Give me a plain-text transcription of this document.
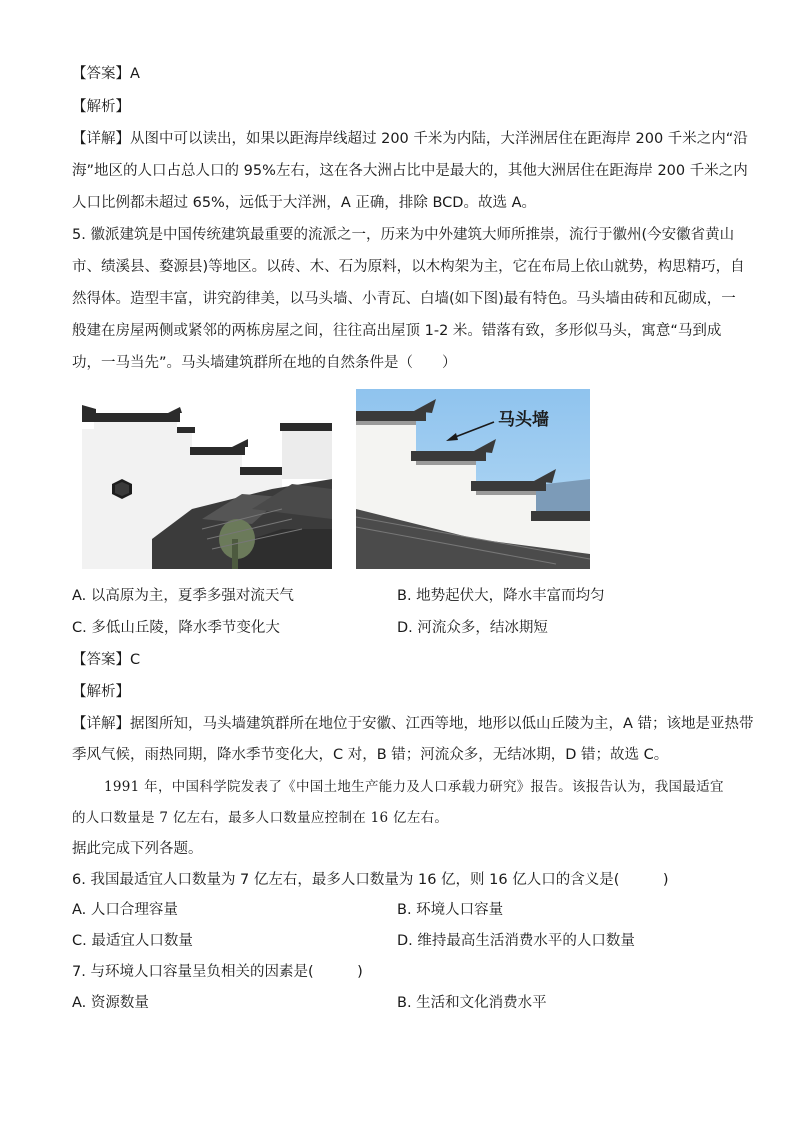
【答案】A
【解析】
【详解】从图中可以读出，如果以距海岸线超过 200 千米为内陆，大洋洲居住在距海岸 200 千米之内“沿
海”地区的人口占总人口的 95%左右，这在各大洲占比中是最大的，其他大洲居住在距海岸 200 千米之内
人口比例都未超过 65%，远低于大洋洲，A 正确，排除 BCD。故选 A。
5. 徽派建筑是中国传统建筑最重要的流派之一，历来为中外建筑大师所推崇，流行于徽州(今安徽省黄山
市、绩溪县、婺源县)等地区。以砖、木、石为原料，以木构架为主，它在布局上依山就势，构思精巧，自
然得体。造型丰富，讲究韵律美，以马头墙、小青瓦、白墙(如下图)最有特色。马头墙由砖和瓦砌成，一
般建在房屋两侧或紧邻的两栋房屋之间，往往高出屋顶 1-2 米。错落有致，多形似马头，寓意“马到成
功，一马当先”。马头墙建筑群所在地的自然条件是（　　）
马头墙
A. 以高原为主，夏季多强对流天气	B. 地势起伏大，降水丰富而均匀
C. 多低山丘陵，降水季节变化大	D. 河流众多，结冰期短
【答案】C
【解析】
【详解】据图所知，马头墙建筑群所在地位于安徽、江西等地，地形以低山丘陵为主，A 错；该地是亚热带
季风气候，雨热同期，降水季节变化大，C 对，B 错；河流众多，无结冰期，D 错；故选 C。
1991 年，中国科学院发表了《中国土地生产能力及人口承载力研究》报告。该报告认为，我国最适宜
的人口数量是 7 亿左右，最多人口数量应控制在 16 亿左右。
据此完成下列各题。
6. 我国最适宜人口数量为 7 亿左右，最多人口数量为 16 亿，则 16 亿人口的含义是(　　　)
A. 人口合理容量	B. 环境人口容量
C. 最适宜人口数量	D. 维持最高生活消费水平的人口数量
7. 与环境人口容量呈负相关的因素是(　　　)
A. 资源数量	B. 生活和文化消费水平
